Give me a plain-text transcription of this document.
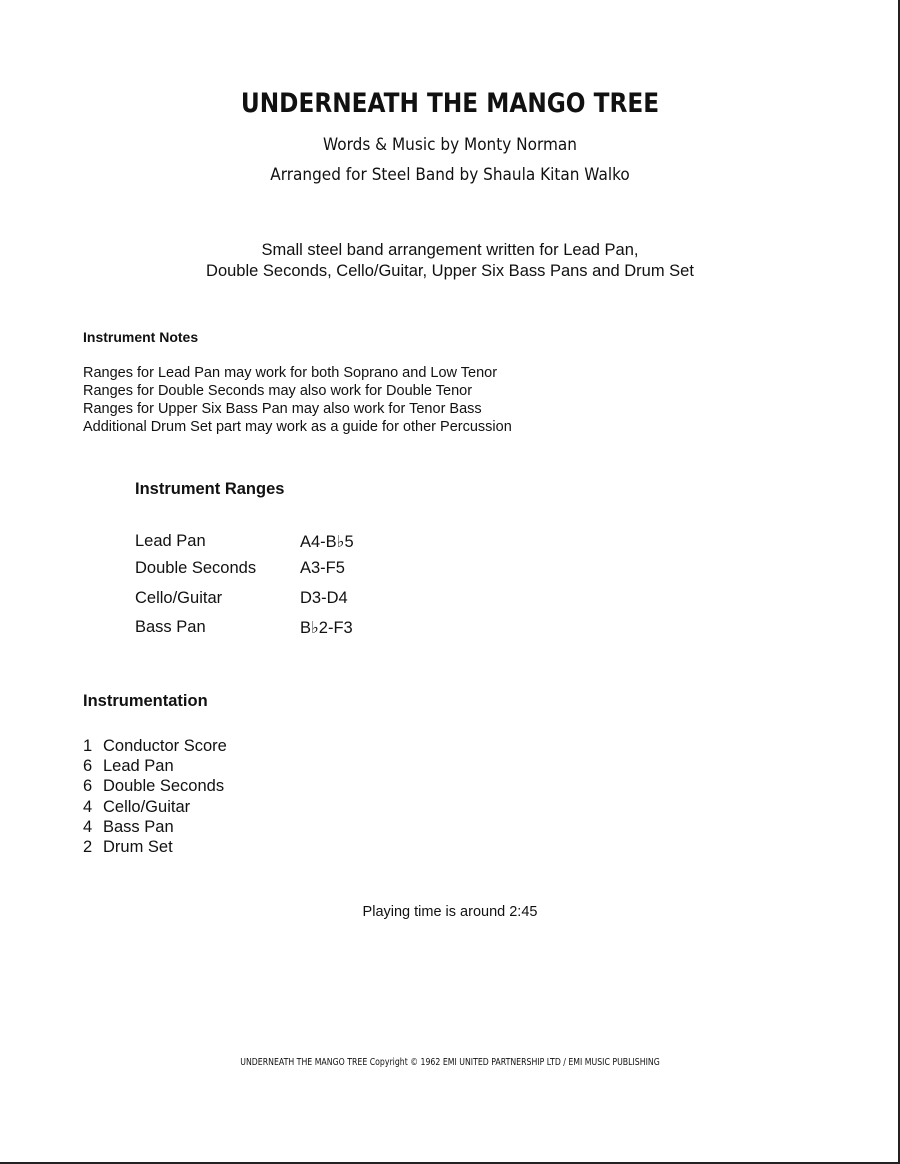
UNDERNEATH THE MANGO TREE
Words & Music by Monty Norman
Arranged for Steel Band by Shaula Kitan Walko
Small steel band arrangement written for Lead Pan,
Double Seconds, Cello/Guitar, Upper Six Bass Pans and Drum Set
Instrument Notes
Ranges for Lead Pan may work for both Soprano and Low Tenor
Ranges for Double Seconds may also work for Double Tenor
Ranges for Upper Six Bass Pan may also work for Tenor Bass
Additional Drum Set part may work as a guide for other Percussion
Instrument Ranges
Lead Pan	A4-B♭5
Double Seconds	A3-F5
Cello/Guitar	D3-D4
Bass Pan	B♭2-F3
Instrumentation
1 Conductor Score
6 Lead Pan
6 Double Seconds
4 Cello/Guitar
4 Bass Pan
2 Drum Set
Playing time is around 2:45
UNDERNEATH THE MANGO TREE Copyright © 1962 EMI UNITED PARTNERSHIP LTD / EMI MUSIC PUBLISHING
